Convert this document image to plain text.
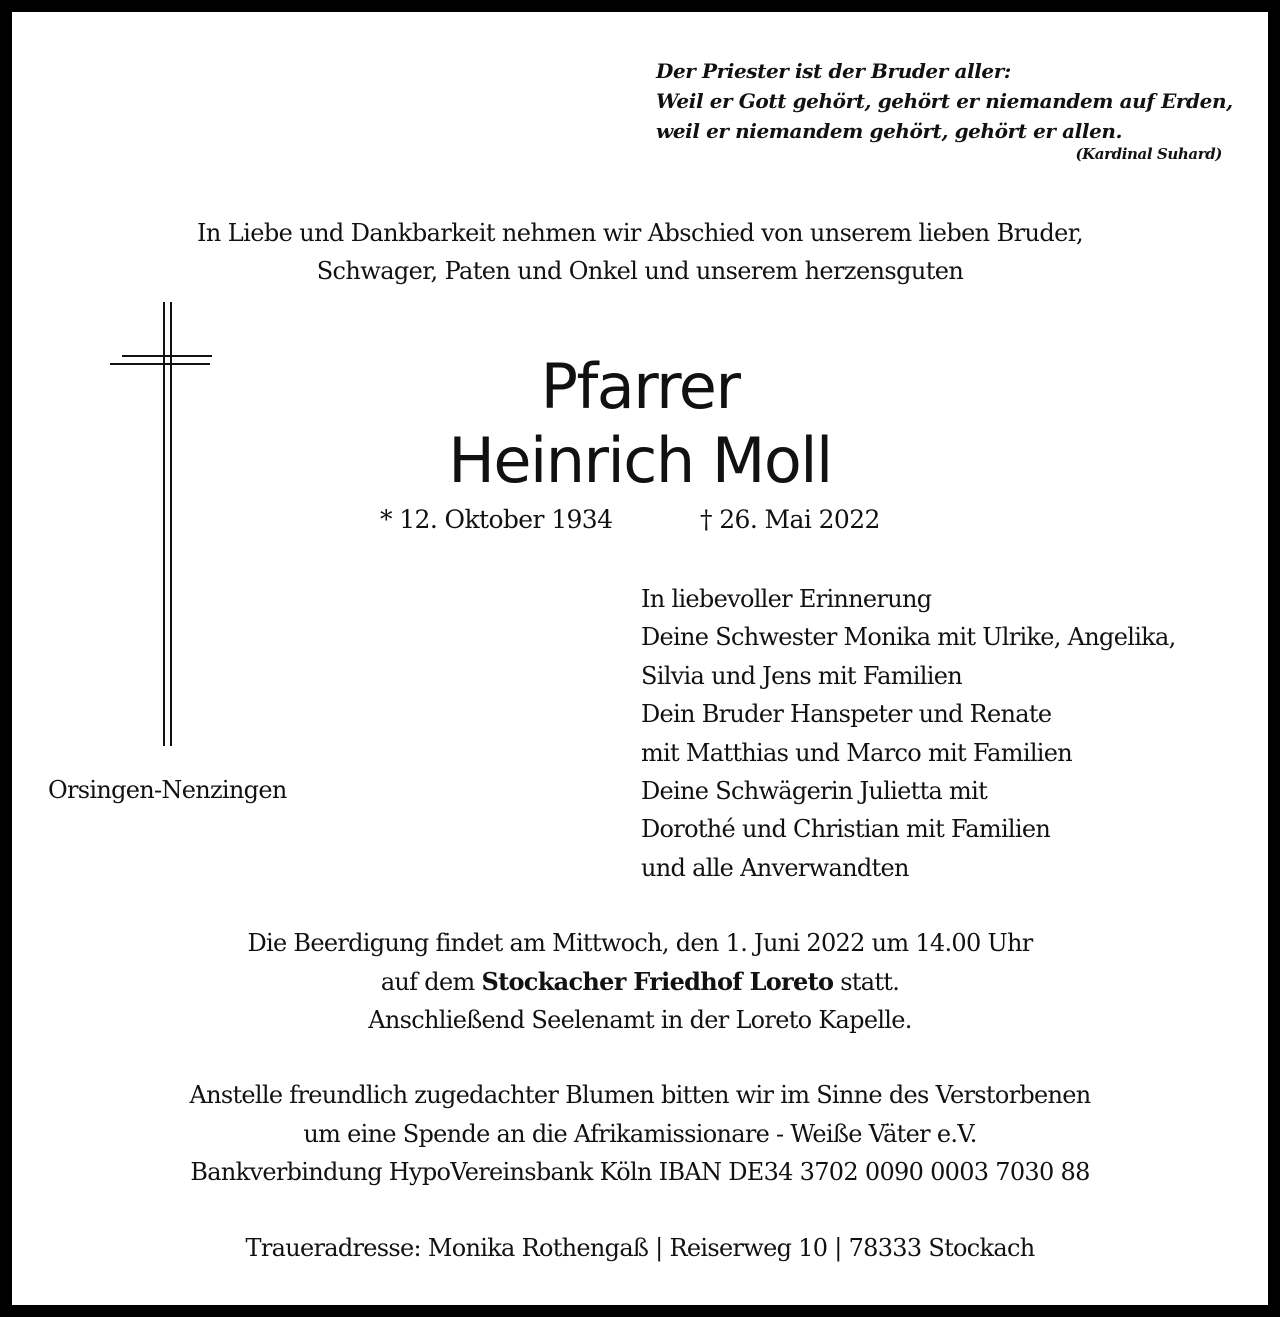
Der Priester ist der Bruder aller:
Weil er Gott gehört, gehört er niemandem auf Erden,
weil er niemandem gehört, gehört er allen.
(Kardinal Suhard)
In Liebe und Dankbarkeit nehmen wir Abschied von unserem lieben Bruder,
Schwager, Paten und Onkel und unserem herzensguten
Pfarrer
Heinrich Moll
* 12. Oktober 1934	† 26. Mai 2022
Orsingen-Nenzingen
In liebevoller Erinnerung
Deine Schwester Monika mit Ulrike, Angelika,
Silvia und Jens mit Familien
Dein Bruder Hanspeter und Renate
mit Matthias und Marco mit Familien
Deine Schwägerin Julietta mit
Dorothé und Christian mit Familien
und alle Anverwandten
Die Beerdigung findet am Mittwoch, den 1. Juni 2022 um 14.00 Uhr
auf dem Stockacher Friedhof Loreto statt.
Anschließend Seelenamt in der Loreto Kapelle.
Anstelle freundlich zugedachter Blumen bitten wir im Sinne des Verstorbenen
um eine Spende an die Afrikamissionare - Weiße Väter e.V.
Bankverbindung HypoVereinsbank Köln IBAN DE34 3702 0090 0003 7030 88
Traueradresse: Monika Rothengaß | Reiserweg 10 | 78333 Stockach
